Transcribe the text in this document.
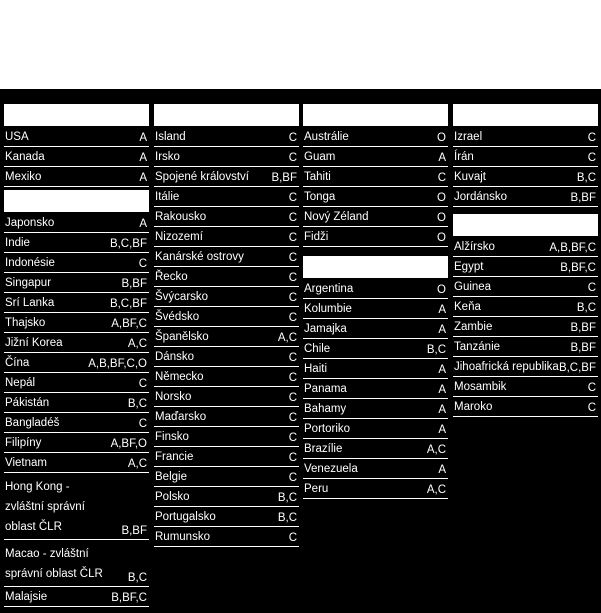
USA	A
Kanada	A
Mexiko	A
Japonsko	A
Indie	B,C,BF
Indonésie	C
Singapur	B,BF
Srí Lanka	B,C,BF
Thajsko	A,BF,C
Jižní Korea	A,C
Čína	A,B,BF,C,O
Nepál	C
Pákistán	B,C
Bangladéš	C
Filipíny	A,BF,O
Vietnam	A,C
Hong Kong - zvláštní správní oblast ČLR	B,BF
Macao - zvláštní správní oblast ČLR	B,C
Malajsie	B,BF,C
Island	C
Irsko	C
Spojené království B,BF
Itálie	C
Rakousko	C
Nizozemí	C
Kanárské ostrovy	C
Řecko	C
Švýcarsko	C
Švédsko	C
Španělsko	A,C
Dánsko	C
Německo	C
Norsko	C
Maďarsko	C
Finsko	C
Francie	C
Belgie	C
Polsko	B,C
Portugalsko	B,C
Rumunsko	C
Austrálie	O
Guam	A
Tahiti	C
Tonga	O
Nový Zéland	O
Fidži	O
Argentina	O
Kolumbie	A
Jamajka	A
Chile	B,C
Haiti	A
Panama	A
Bahamy	A
Portoriko	A
Brazílie	A,C
Venezuela	A
Peru	A,C
Izrael	C
Írán	C
Kuvajt	B,C
Jordánsko	B,BF
Alžírsko	A,B,BF,C
Egypt	B,BF,C
Guinea	C
Keňa	B,C
Zambie	B,BF
Tanzánie	B,BF
Jihoafrická republika B,C,BF
Mosambik	C
Maroko	C
